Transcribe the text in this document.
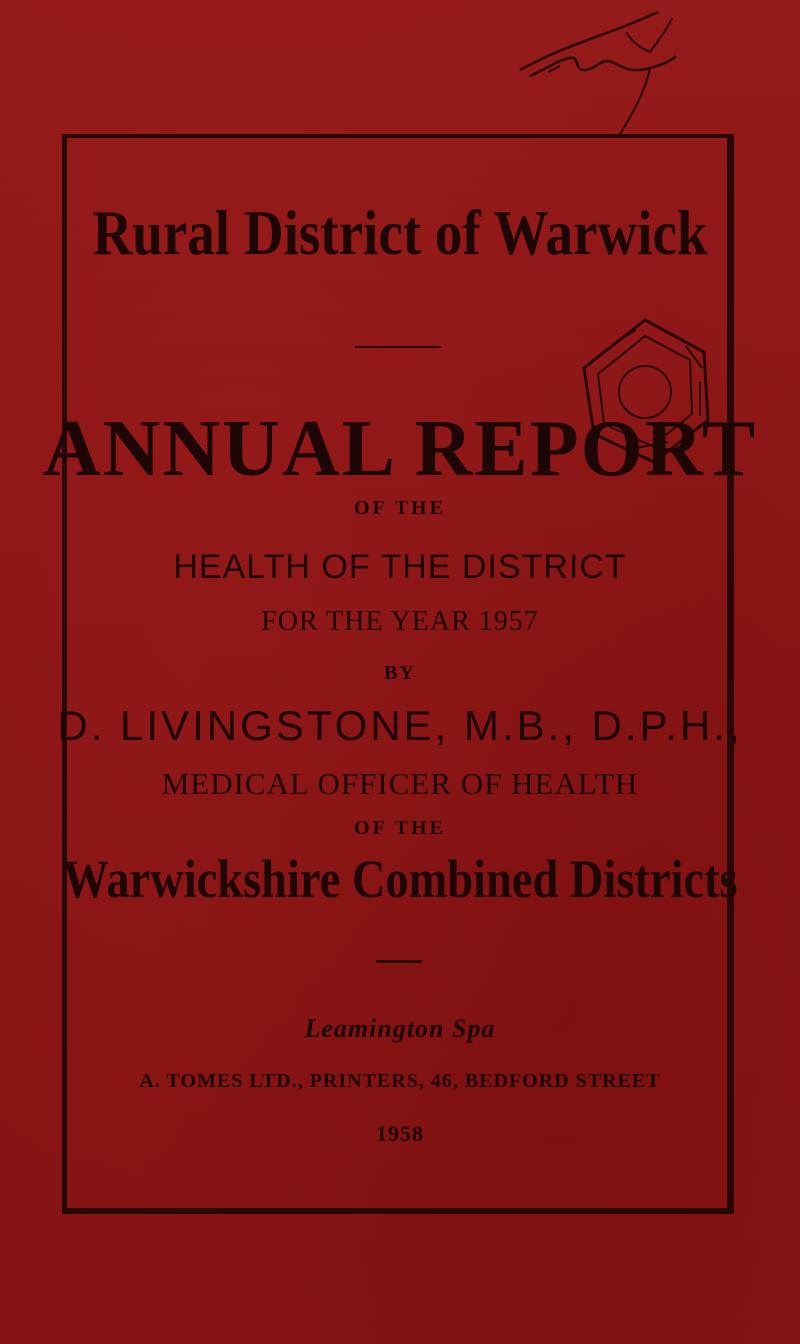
Rural District of Warwick
ANNUAL REPORT
OF THE
HEALTH OF THE DISTRICT
FOR THE YEAR 1957
BY
D. LIVINGSTONE, M.B., D.P.H.,
MEDICAL OFFICER OF HEALTH
OF THE
Warwickshire Combined Districts
Leamington Spa
A. TOMES LTD., PRINTERS, 46, BEDFORD STREET
1958
